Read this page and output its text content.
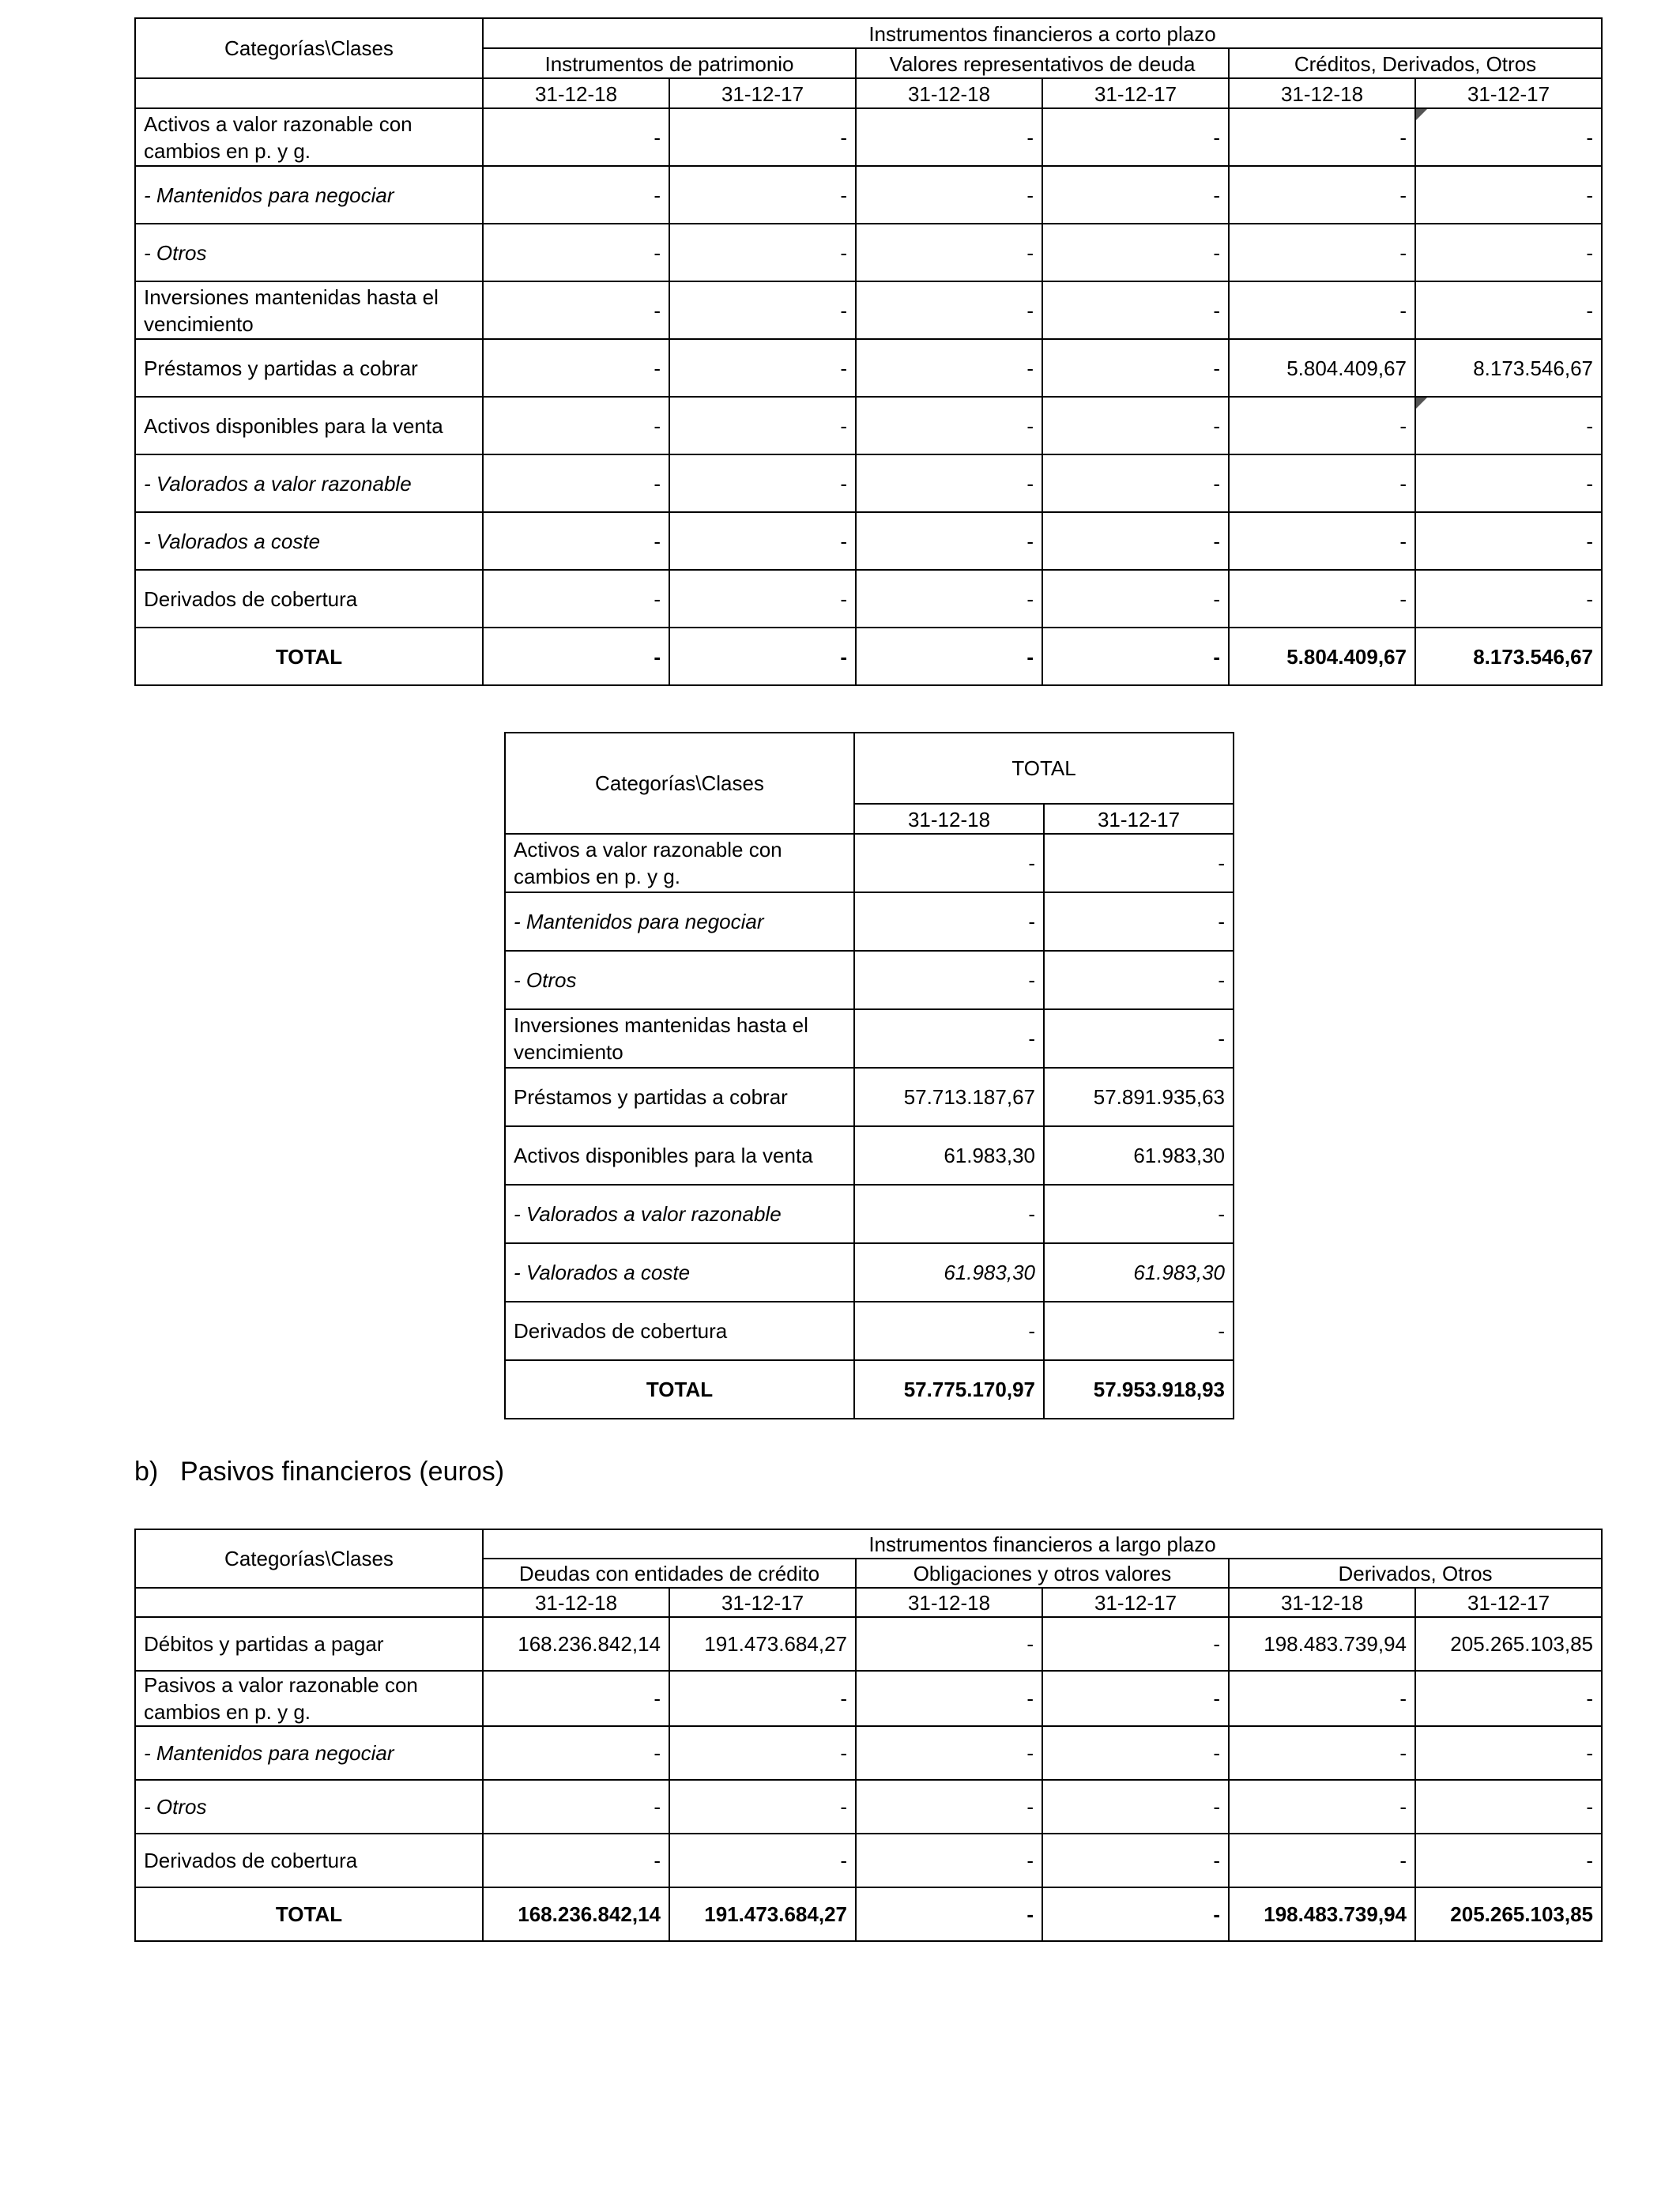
Categorías\Clases	Instrumentos financieros a corto plazo					
	Instrumentos de patrimonio		Valores representativos de deuda		Créditos, Derivados, Otros	
	31-12-18	31-12-17	31-12-18	31-12-17	31-12-18	31-12-17
Activos a valor razonable con cambios en p. y g.	-	-	-	-	-	-
- Mantenidos para negociar	-	-	-	-	-	-
- Otros	-	-	-	-	-	-
Inversiones mantenidas hasta el vencimiento	-	-	-	-	-	-
Préstamos y partidas a cobrar	-	-	-	-	5.804.409,67	8.173.546,67
Activos disponibles para la venta	-	-	-	-	-	-
- Valorados a valor razonable	-	-	-	-	-	-
- Valorados a coste	-	-	-	-	-	-
Derivados de cobertura	-	-	-	-	-	-
TOTAL	-	-	-	-	5.804.409,67	8.173.546,67
Categorías\Clases	TOTAL	
	31-12-18	31-12-17
Activos a valor razonable con cambios en p. y g.	-	-
- Mantenidos para negociar	-	-
- Otros	-	-
Inversiones mantenidas hasta el vencimiento	-	-
Préstamos y partidas a cobrar	57.713.187,67	57.891.935,63
Activos disponibles para la venta	61.983,30	61.983,30
- Valorados a valor razonable	-	-
- Valorados a coste	61.983,30	61.983,30
Derivados de cobertura	-	-
TOTAL	57.775.170,97	57.953.918,93
b) Pasivos financieros (euros)
Categorías\Clases	Instrumentos financieros a largo plazo					
	Deudas con entidades de crédito		Obligaciones y otros valores		Derivados, Otros	
	31-12-18	31-12-17	31-12-18	31-12-17	31-12-18	31-12-17
Débitos y partidas a pagar	168.236.842,14	191.473.684,27	-	-	198.483.739,94	205.265.103,85
Pasivos a valor razonable con cambios en p. y g.	-	-	-	-	-	-
- Mantenidos para negociar	-	-	-	-	-	-
- Otros	-	-	-	-	-	-
Derivados de cobertura	-	-	-	-	-	-
TOTAL	168.236.842,14	191.473.684,27	-	-	198.483.739,94	205.265.103,85
